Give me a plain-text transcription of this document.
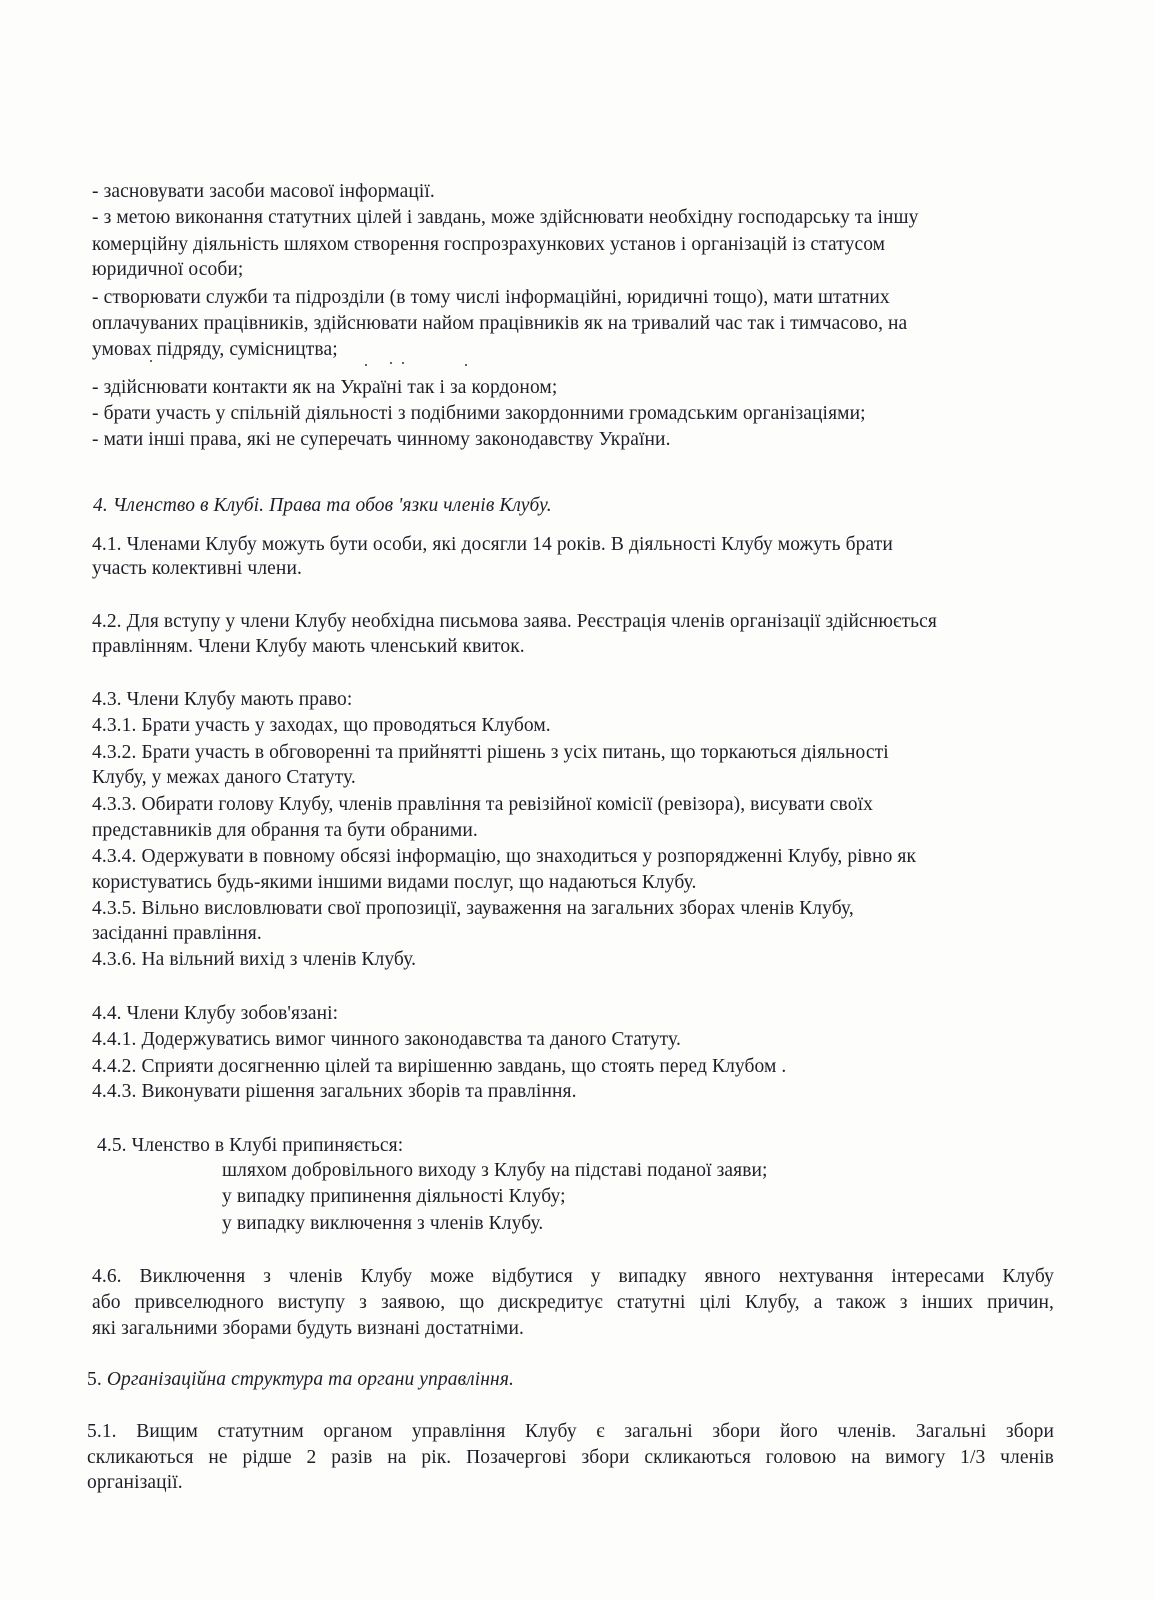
- засновувати засоби масової інформації.
- з метою виконання статутних цілей і завдань, може здійснювати необхідну господарську та іншу
комерційну діяльність шляхом створення госпрозрахункових установ і організацій із статусом
юридичної особи;
- створювати служби та підрозділи (в тому числі інформаційні, юридичні тощо), мати штатних
оплачуваних працівників, здійснювати найом працівників як на тривалий час так і тимчасово, на
умовах підряду, сумісництва;
- здійснювати контакти як на Україні так і за кордоном;
- брати участь у спільній діяльності з подібними закордонними громадським організаціями;
- мати інші права, які не суперечать чинному законодавству України.
4. Членство в Клубі. Права та обов 'язки членів Клубу.
4.1. Членами Клубу можуть бути особи, які досягли 14 років. В діяльності Клубу можуть брати
участь колективні члени.
4.2. Для вступу у члени Клубу необхідна письмова заява. Реєстрація членів організації здійснюється
правлінням. Члени Клубу мають членський квиток.
4.3. Члени Клубу мають право:
4.3.1. Брати участь у заходах, що проводяться Клубом.
4.3.2. Брати участь в обговоренні та прийнятті рішень з усіх питань, що торкаються діяльності
Клубу, у межах даного Статуту.
4.3.3. Обирати голову Клубу, членів правління та ревізійної комісії (ревізора), висувати своїх
представників для обрання та бути обраними.
4.3.4. Одержувати в повному обсязі інформацію, що знаходиться у розпорядженні Клубу, рівно як
користуватись будь-якими іншими видами послуг, що надаються Клубу.
4.3.5. Вільно висловлювати свої пропозиції, зауваження на загальних зборах членів Клубу,
засіданні правління.
4.3.6. На вільний вихід з членів Клубу.
4.4. Члени Клубу зобов'язані:
4.4.1. Додержуватись вимог чинного законодавства та даного Статуту.
4.4.2. Сприяти досягненню цілей та вирішенню завдань, що стоять перед Клубом .
4.4.3. Виконувати рішення загальних зборів та правління.
4.5. Членство в Клубі припиняється:
шляхом добровільного виходу з Клубу на підставі поданої заяви;
у випадку припинення діяльності Клубу;
у випадку виключення з членів Клубу.
4.6. Виключення з членів Клубу може відбутися у випадку явного нехтування інтересами Клубу
або привселюдного виступу з заявою, що дискредитує статутні цілі Клубу, а також з інших причин,
які загальними зборами будуть визнані достатніми.
5. Організаційна структура та органи управління.
5.1. Вищим статутним органом управління Клубу є загальні збори його членів. Загальні збори
скликаються не рідше 2 разів на рік. Позачергові збори скликаються головою на вимогу 1/3 членів
організації.
